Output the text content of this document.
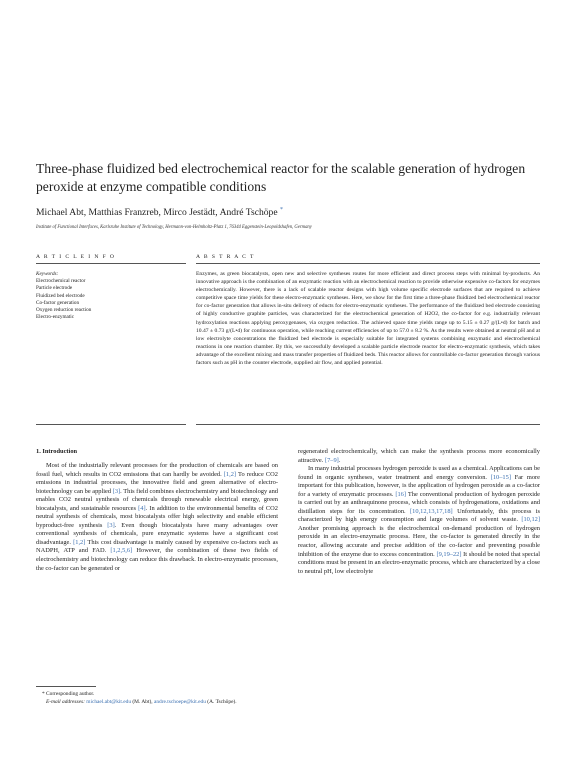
Three-phase fluidized bed electrochemical reactor for the scalable generation of hydrogen peroxide at enzyme compatible conditions
Michael Abt, Matthias Franzreb, Mirco Jestädt, André Tschöpe *
Institute of Functional Interfaces, Karlsruhe Institute of Technology, Hermann-von-Helmholtz-Platz 1, 76344 Eggenstein-Leopoldshafen, Germany
A R T I C L E I N F O	A B S T R A C T
Keywords:
Electrochemical reactor
Particle electrode
Fluidized bed electrode
Co-factor generation
Oxygen reduction reaction
Electro-enzymatic
Enzymes, as green biocatalysts, open new and selective syntheses routes for more efficient and direct process steps with minimal by-products. An innovative approach is the combination of an enzymatic reaction with an electrochemical reaction to provide otherwise expensive co-factors for enzymes electrochemically. However, there is a lack of scalable reactor designs with high volume specific electrode surfaces that are required to achieve competitive space time yields for these electro-enzymatic syntheses. Here, we show for the first time a three-phase fluidized bed electrochemical reactor for co-factor generation that allows in-situ delivery of educts for electro-enzymatic syntheses. The performance of the fluidized bed electrode consisting of highly conductive graphite particles, was characterized for the electrochemical generation of H2O2, the co-factor for e.g. industrially relevant hydroxylation reactions applying peroxygenases, via oxygen reduction. The achieved space time yields range up to 5.15 ± 0.27 g/(L•d) for batch and 10.47 ± 0.73 g/(L•d) for continuous operation, while reaching current efficiencies of up to 57.0 ± 8.2 %. As the results were obtained at neutral pH and at low electrolyte concentrations the fluidized bed electrode is especially suitable for integrated systems combining enzymatic and electrochemical reactions in one reaction chamber. By this, we successfully developed a scalable particle electrode reactor for electro-enzymatic synthesis, which takes advantage of the excellent mixing and mass transfer properties of fluidized beds. This reactor allows for controllable co-factor generation through various factors such as pH in the counter electrode, supplied air flow, and applied potential.
1. Introduction

Most of the industrially relevant processes for the production of chemicals are based on fossil fuel, which results in CO2 emissions that can hardly be avoided. [1,2] To reduce CO2 emissions in industrial processes, the innovative field and green alternative of electro-biotechnology can be applied [3]. This field combines electrochemistry and biotechnology and enables CO2 neutral synthesis of chemicals through renewable electrical energy, green biocatalysts, and sustainable resources [4]. In addition to the environmental benefits of CO2 neutral synthesis of chemicals, most biocatalysts offer high selectivity and enable efficient byproduct-free synthesis [3]. Even though biocatalysts have many advantages over conventional synthesis of chemicals, pure enzymatic systems have a significant cost disadvantage. [1,2] This cost disadvantage is mainly caused by expensive co-factors such as NADPH, ATP and FAD. [1,2,5,6] However, the combination of these two fields of electrochemistry and biotechnology can reduce this drawback. In electro-enzymatic processes, the co-factor can be generated or

regenerated electrochemically, which can make the synthesis process more economically attractive. [7–9].

In many industrial processes hydrogen peroxide is used as a chemical. Applications can be found in organic syntheses, water treatment and energy conversion. [10–15] Far more important for this publication, however, is the application of hydrogen peroxide as a co-factor for a variety of enzymatic processes. [16] The conventional production of hydrogen peroxide is carried out by an anthraquinone process, which consists of hydrogenations, oxidations and distillation steps for its concentration. [10,12,13,17,18] Unfortunately, this process is characterized by high energy consumption and large volumes of solvent waste. [10,12] Another promising approach is the electrochemical on-demand production of hydrogen peroxide in an electro-enzymatic process. Here, the co-factor is generated directly in the reactor, allowing accurate and precise addition of the co-factor and preventing possible inhibition of the enzyme due to excess concentration. [9,19–22] It should be noted that special conditions must be present in an electro-enzymatic process, which are characterized by a close to neutral pH, low electrolyte

* Corresponding author.
E-mail addresses: michael.abt@kit.edu (M. Abt), andre.tschoepe@kit.edu (A. Tschöpe).
